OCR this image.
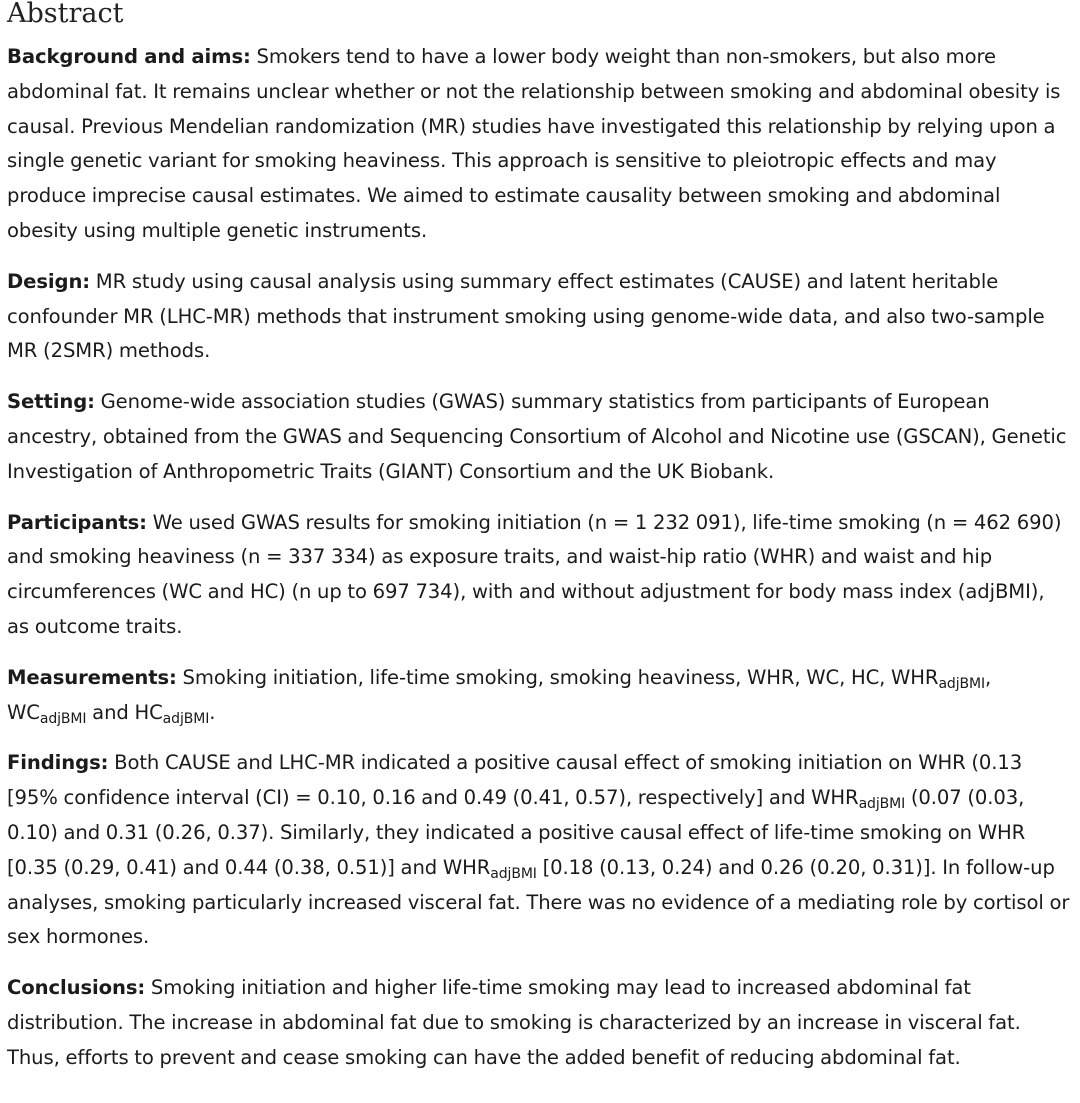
Abstract

Background and aims: Smokers tend to have a lower body weight than non-smokers, but also more abdominal fat. It remains unclear whether or not the relationship between smoking and abdominal obesity is causal. Previous Mendelian randomization (MR) studies have investigated this relationship by relying upon a single genetic variant for smoking heaviness. This approach is sensitive to pleiotropic effects and may produce imprecise causal estimates. We aimed to estimate causality between smoking and abdominal obesity using multiple genetic instruments.

Design: MR study using causal analysis using summary effect estimates (CAUSE) and latent heritable confounder MR (LHC-MR) methods that instrument smoking using genome-wide data, and also two-sample MR (2SMR) methods.

Setting: Genome-wide association studies (GWAS) summary statistics from participants of European ancestry, obtained from the GWAS and Sequencing Consortium of Alcohol and Nicotine use (GSCAN), Genetic Investigation of Anthropometric Traits (GIANT) Consortium and the UK Biobank.

Participants: We used GWAS results for smoking initiation (n = 1 232 091), life-time smoking (n = 462 690) and smoking heaviness (n = 337 334) as exposure traits, and waist-hip ratio (WHR) and waist and hip circumferences (WC and HC) (n up to 697 734), with and without adjustment for body mass index (adjBMI), as outcome traits.

Measurements: Smoking initiation, life-time smoking, smoking heaviness, WHR, WC, HC, $WHR_{adjBMI}$, $WC_{adjBMI}$ and $HC_{adjBMI}$.

Findings: Both CAUSE and LHC-MR indicated a positive causal effect of smoking initiation on WHR (0.13 [95% confidence interval (CI) = 0.10, 0.16 and 0.49 (0.41, 0.57), respectively] and $WHR_{adjBMI}$ (0.07 (0.03, 0.10) and 0.31 (0.26, 0.37). Similarly, they indicated a positive causal effect of life-time smoking on WHR [0.35 (0.29, 0.41) and 0.44 (0.38, 0.51)] and $WHR_{adjBMI}$ [0.18 (0.13, 0.24) and 0.26 (0.20, 0.31)]. In follow-up analyses, smoking particularly increased visceral fat. There was no evidence of a mediating role by cortisol or sex hormones.

Conclusions: Smoking initiation and higher life-time smoking may lead to increased abdominal fat distribution. The increase in abdominal fat due to smoking is characterized by an increase in visceral fat. Thus, efforts to prevent and cease smoking can have the added benefit of reducing abdominal fat.
